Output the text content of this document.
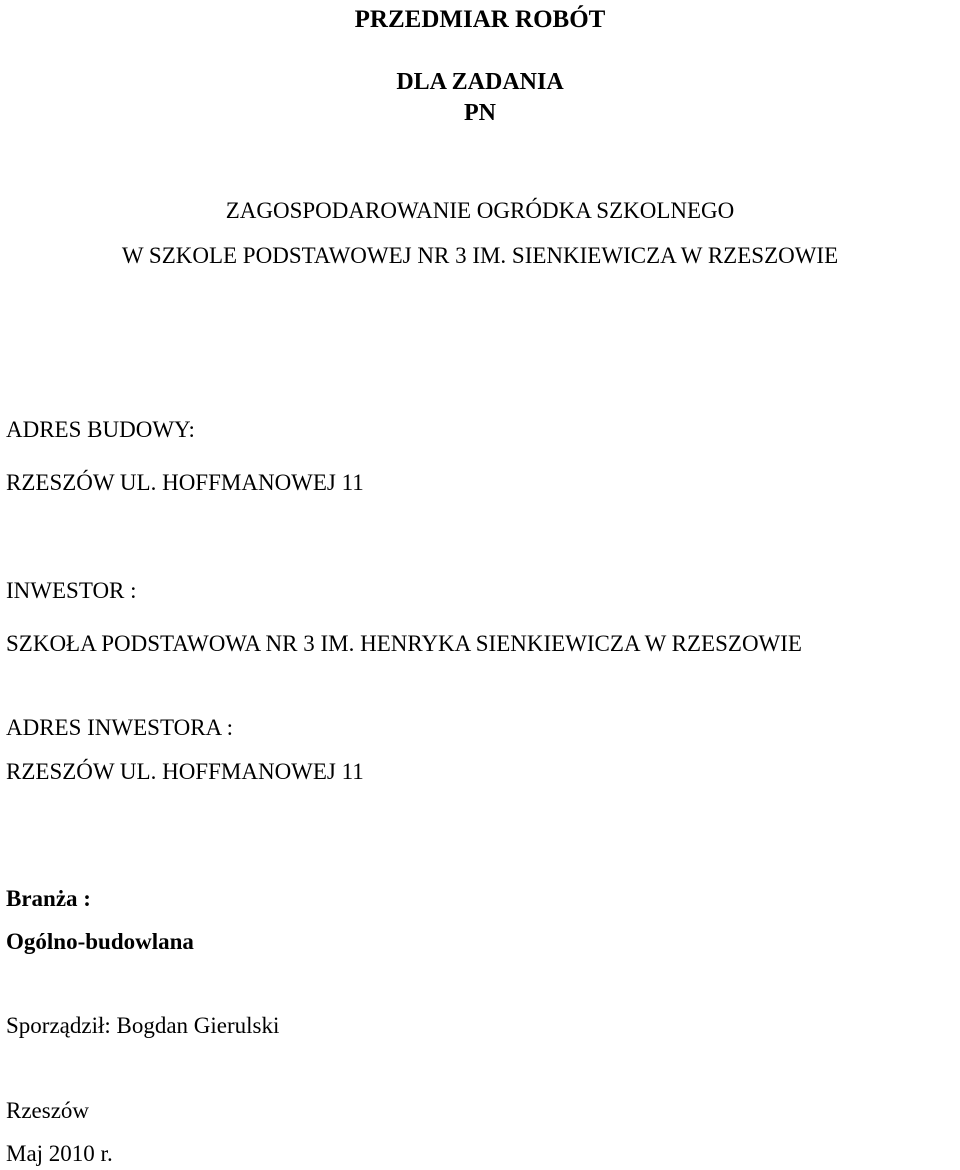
PRZEDMIAR ROBÓT
DLA ZADANIA
PN
ZAGOSPODAROWANIE OGRÓDKA SZKOLNEGO
W SZKOLE PODSTAWOWEJ NR 3 IM. SIENKIEWICZA W RZESZOWIE
ADRES BUDOWY:
RZESZÓW UL. HOFFMANOWEJ 11
INWESTOR :
SZKOŁA PODSTAWOWA NR 3 IM. HENRYKA SIENKIEWICZA W RZESZOWIE
ADRES INWESTORA :
RZESZÓW UL. HOFFMANOWEJ 11
Branża :
Ogólno-budowlana
Sporządził: Bogdan Gierulski
Rzeszów
Maj 2010 r.
